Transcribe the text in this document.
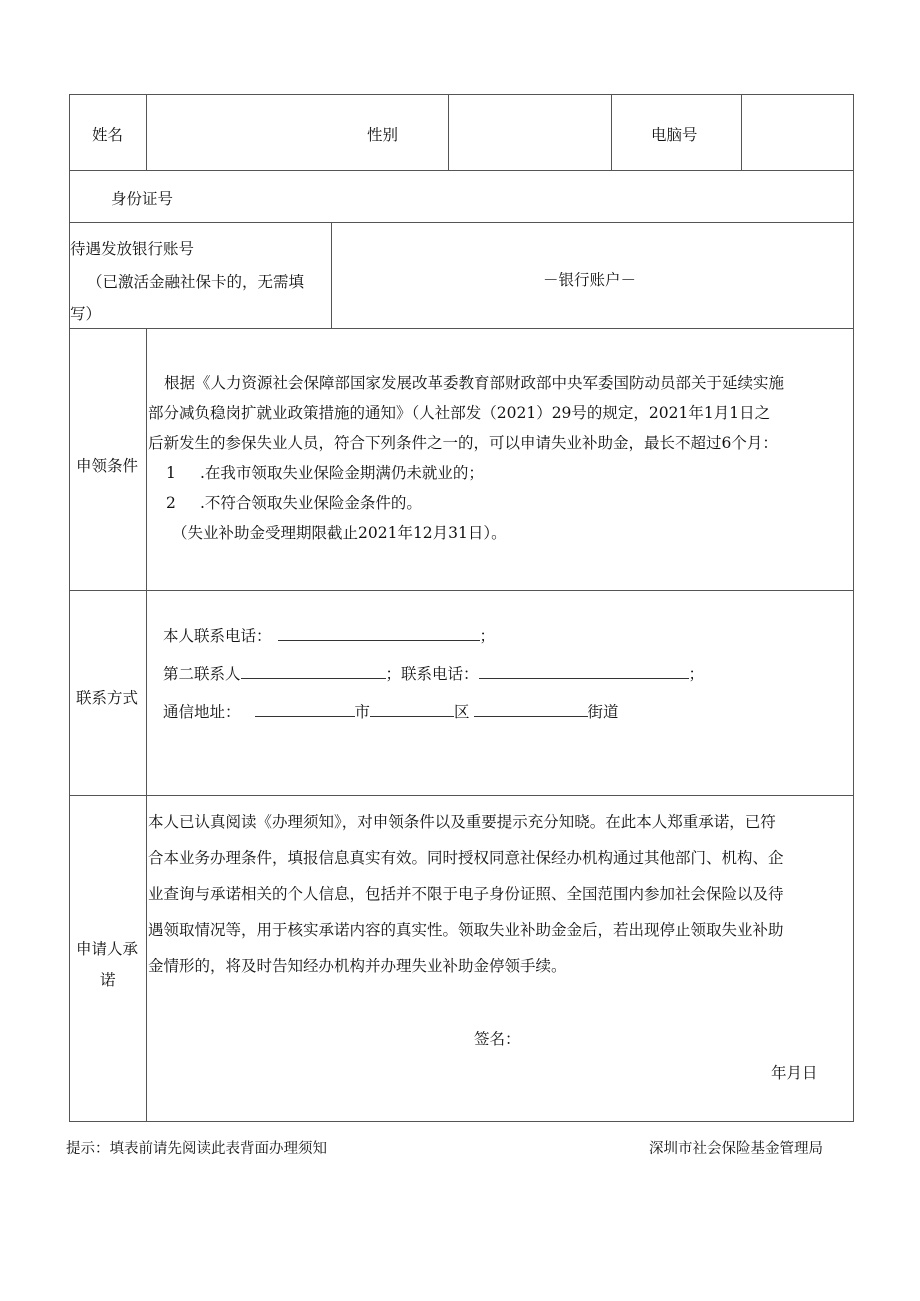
姓名	性别	电脑号
身份证号
待遇发放银行账号
（已激活金融社保卡的，无需填
写）
－银行账户－
申领条件
根据《人力资源社会保障部国家发展改革委教育部财政部中央军委国防动员部关于延续实施
部分减负稳岗扩就业政策措施的通知》（人社部发（2021）29号的规定，2021年1月1日之
后新发生的参保失业人员，符合下列条件之一的，可以申请失业补助金，最长不超过6个月：
1 .在我市领取失业保险金期满仍未就业的；
2 .不符合领取失业保险金条件的。
（失业补助金受理期限截止2021年12月31日）。
联系方式
本人联系电话：	；
第二联系人	；联系电话：	；
通信地址：	市	区	街道
申请人承
诺
本人已认真阅读《办理须知》，对申领条件以及重要提示充分知晓。在此本人郑重承诺，已符
合本业务办理条件，填报信息真实有效。同时授权同意社保经办机构通过其他部门、机构、企
业查询与承诺相关的个人信息，包括并不限于电子身份证照、全国范围内参加社会保险以及待
遇领取情况等，用于核实承诺内容的真实性。领取失业补助金金后，若出现停止领取失业补助
金情形的，将及时告知经办机构并办理失业补助金停领手续。
签名：
年月日
提示：填表前请先阅读此表背面办理须知	深圳市社会保险基金管理局
